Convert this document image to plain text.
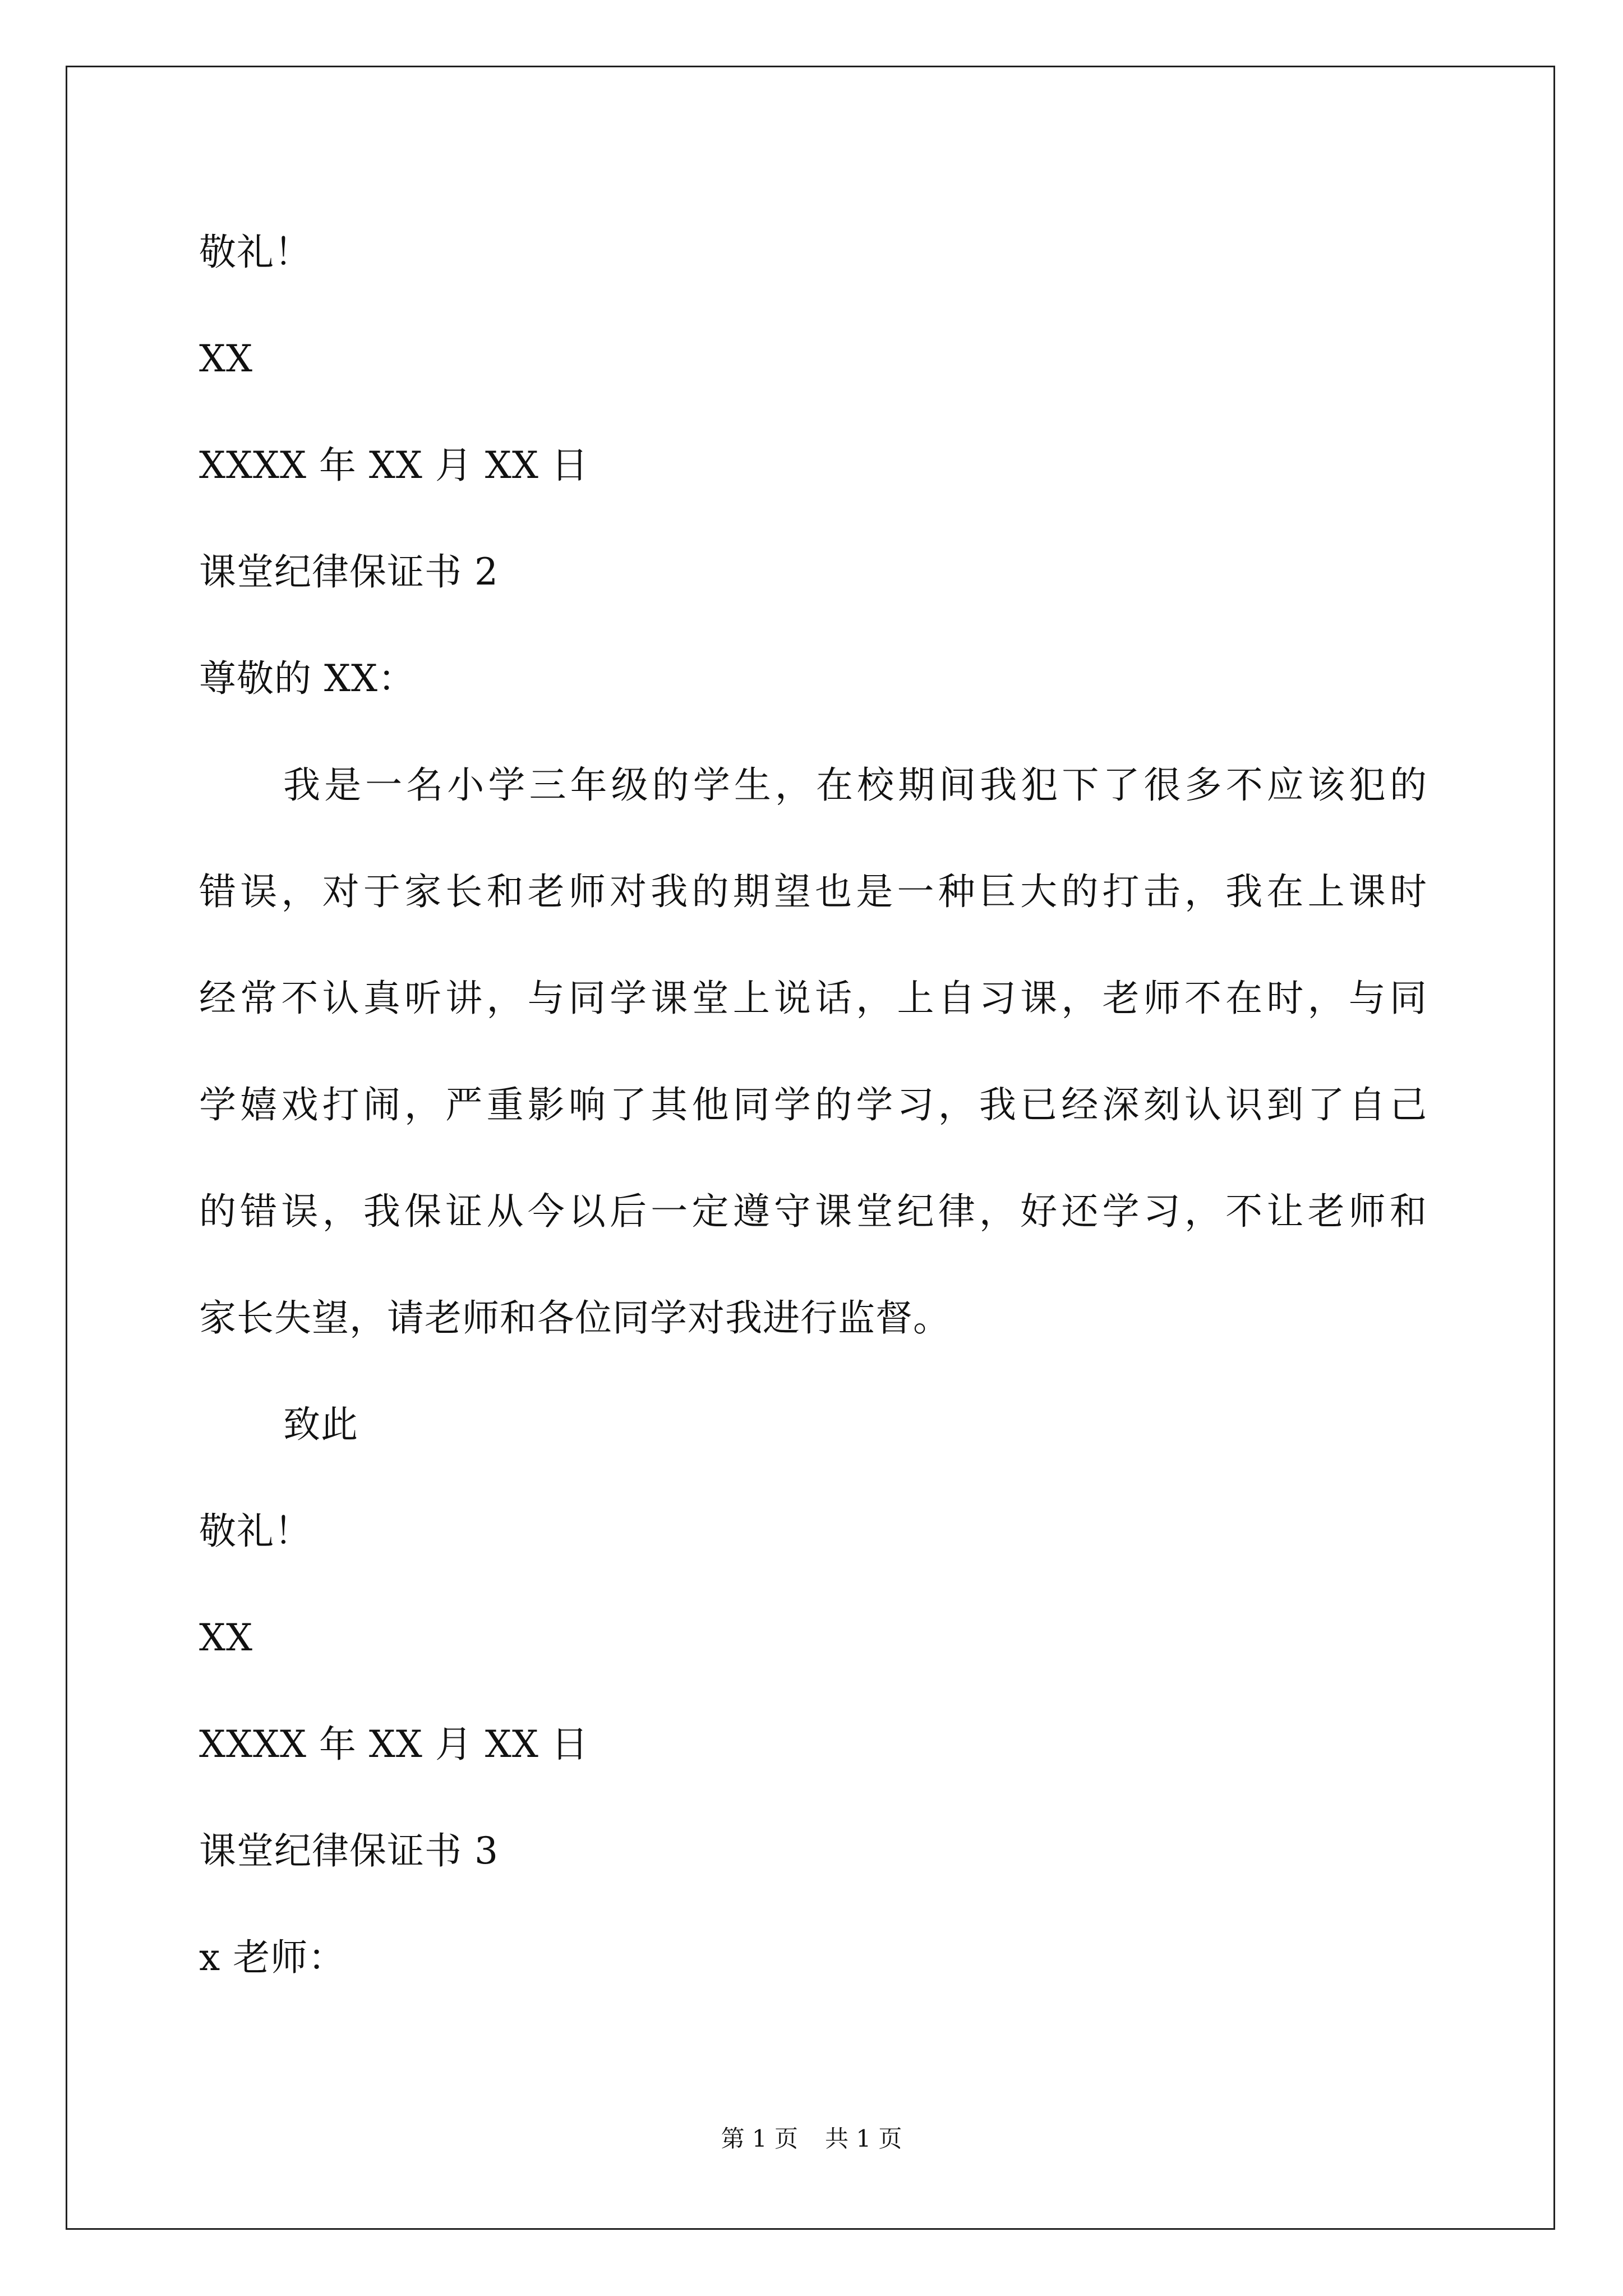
敬礼！
XX
XXXX 年 XX 月 XX 日
课堂纪律保证书 2
尊敬的 XX：
我是一名小学三年级的学生，在校期间我犯下了很多不应该犯的
错误，对于家长和老师对我的期望也是一种巨大的打击，我在上课时
经常不认真听讲，与同学课堂上说话，上自习课，老师不在时，与同
学嬉戏打闹，严重影响了其他同学的学习，我已经深刻认识到了自己
的错误，我保证从今以后一定遵守课堂纪律，好还学习，不让老师和
家长失望，请老师和各位同学对我进行监督。
致此
敬礼！
XX
XXXX 年 XX 月 XX 日
课堂纪律保证书 3
x 老师：
第 1 页 共 1 页
